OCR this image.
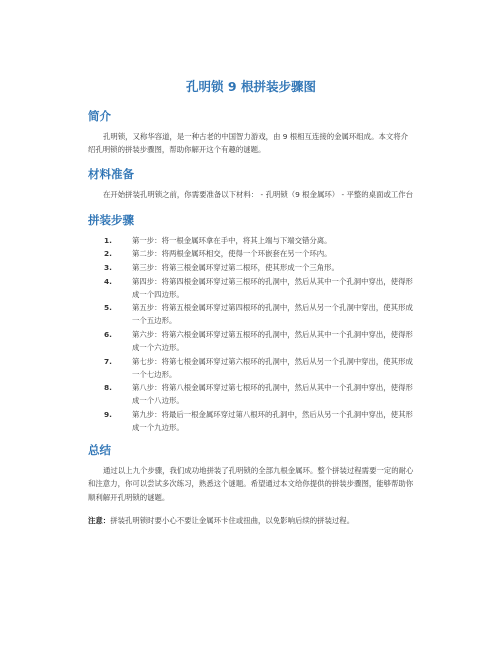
孔明锁 9 根拼装步骤图
简介

孔明锁，又称华容道，是一种古老的中国智力游戏，由 9 根相互连接的金属环组成。本文将介绍孔明锁的拼装步骤图，帮助你解开这个有趣的谜题。

材料准备

在开始拼装孔明锁之前，你需要准备以下材料： - 孔明锁（9 根金属环） - 平整的桌面或工作台

拼装步骤
1.	第一步：将一根金属环拿在手中，将其上端与下端交错分离。
2.	第二步：将两根金属环相交，使得一个环嵌套在另一个环内。
3.	第三步：将第三根金属环穿过第二根环，使其形成一个三角形。
4.	第四步：将第四根金属环穿过第三根环的孔洞中，然后从其中一个孔洞中穿出，使得形成一个四边形。
5.	第五步：将第五根金属环穿过第四根环的孔洞中，然后从另一个孔洞中穿出，使其形成一个五边形。
6.	第六步：将第六根金属环穿过第五根环的孔洞中，然后从其中一个孔洞中穿出，使得形成一个六边形。
7.	第七步：将第七根金属环穿过第六根环的孔洞中，然后从另一个孔洞中穿出，使其形成一个七边形。
8.	第八步：将第八根金属环穿过第七根环的孔洞中，然后从其中一个孔洞中穿出，使得形成一个八边形。
9.	第九步：将最后一根金属环穿过第八根环的孔洞中，然后从另一个孔洞中穿出，使其形成一个九边形。
总结

通过以上九个步骤，我们成功地拼装了孔明锁的全部九根金属环。整个拼装过程需要一定的耐心和注意力，你可以尝试多次练习，熟悉这个谜题。希望通过本文给你提供的拼装步骤图，能够帮助你顺利解开孔明锁的谜题。

注意：拼装孔明锁时要小心不要让金属环卡住或扭曲，以免影响后续的拼装过程。
